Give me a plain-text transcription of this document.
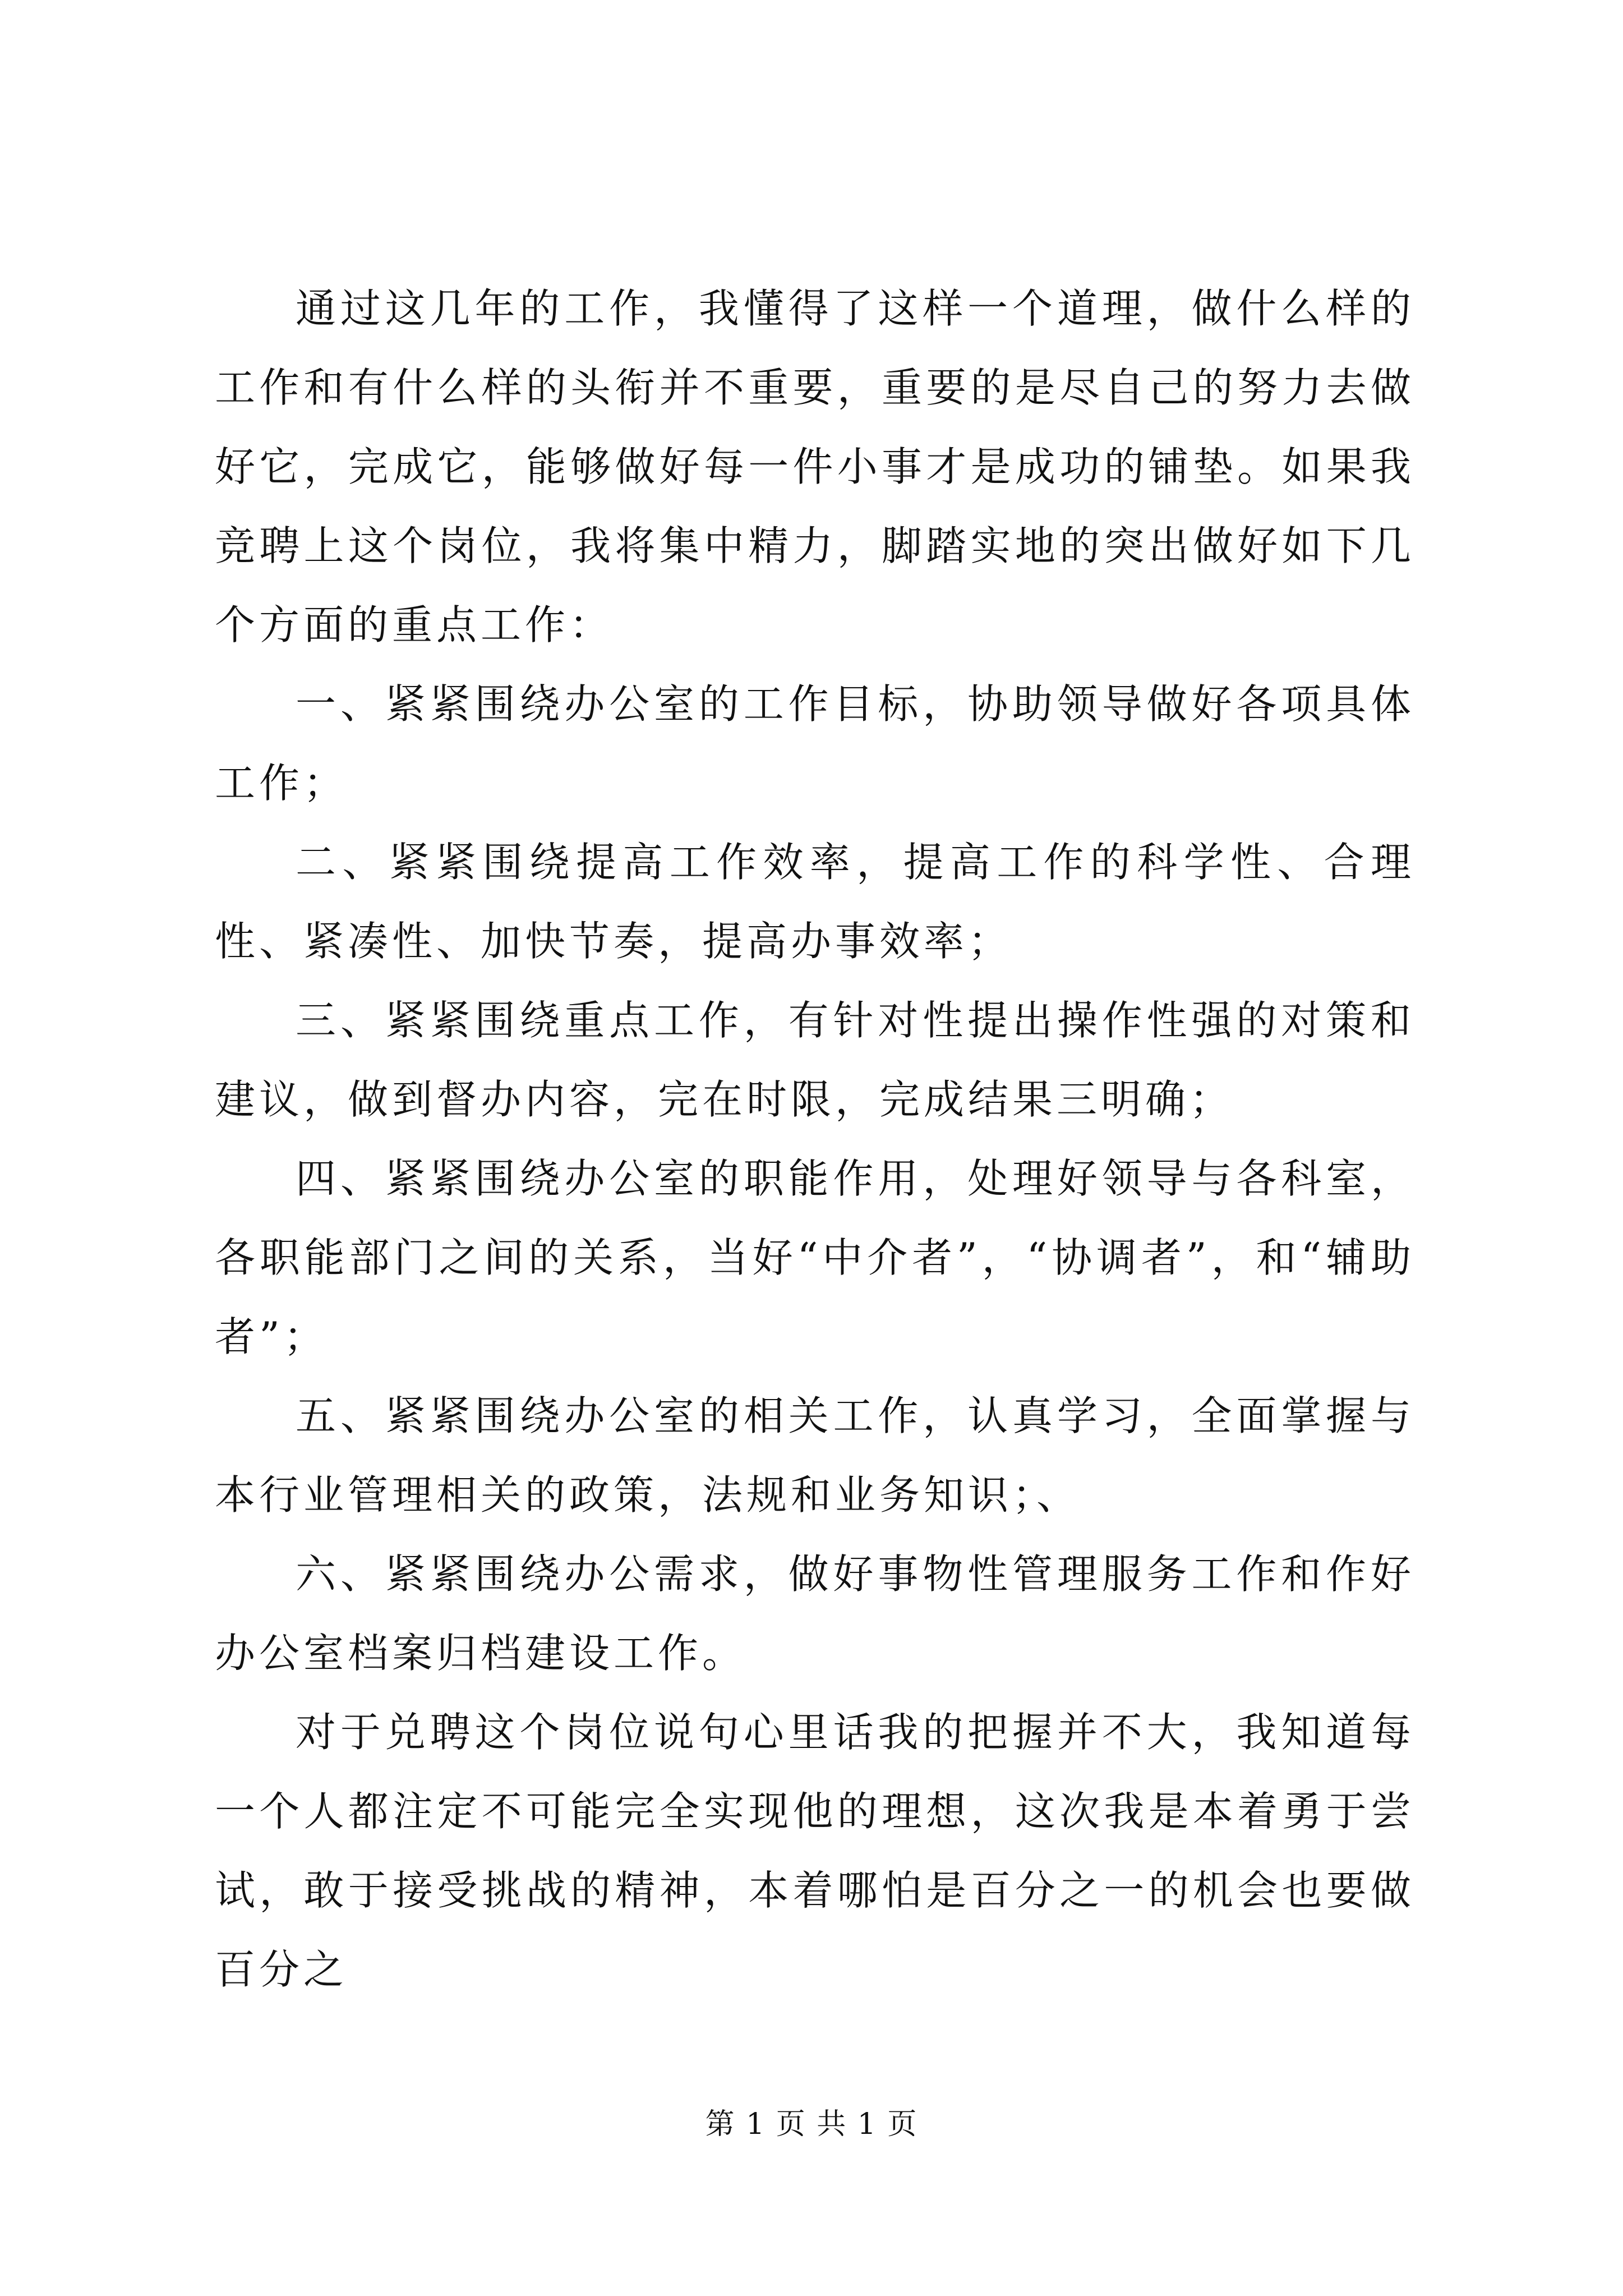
通过这几年的工作，我懂得了这样一个道理，做什么样的工作和有什么样的头衔并不重要，重要的是尽自己的努力去做好它，完成它，能够做好每一件小事才是成功的铺垫。如果我竞聘上这个岗位，我将集中精力，脚踏实地的突出做好如下几个方面的重点工作：

一、紧紧围绕办公室的工作目标，协助领导做好各项具体工作；

二、紧紧围绕提高工作效率，提高工作的科学性、合理性、紧凑性、加快节奏，提高办事效率；

三、紧紧围绕重点工作，有针对性提出操作性强的对策和建议，做到督办内容，完在时限，完成结果三明确；

四、紧紧围绕办公室的职能作用，处理好领导与各科室，各职能部门之间的关系，当好“中介者”，“协调者”，和“辅助者”；

五、紧紧围绕办公室的相关工作，认真学习，全面掌握与本行业管理相关的政策，法规和业务知识；、

六、紧紧围绕办公需求，做好事物性管理服务工作和作好办公室档案归档建设工作。

对于兑聘这个岗位说句心里话我的把握并不大，我知道每一个人都注定不可能完全实现他的理想，这次我是本着勇于尝试，敢于接受挑战的精神，本着哪怕是百分之一的机会也要做百分之

第 1 页 共 1 页
